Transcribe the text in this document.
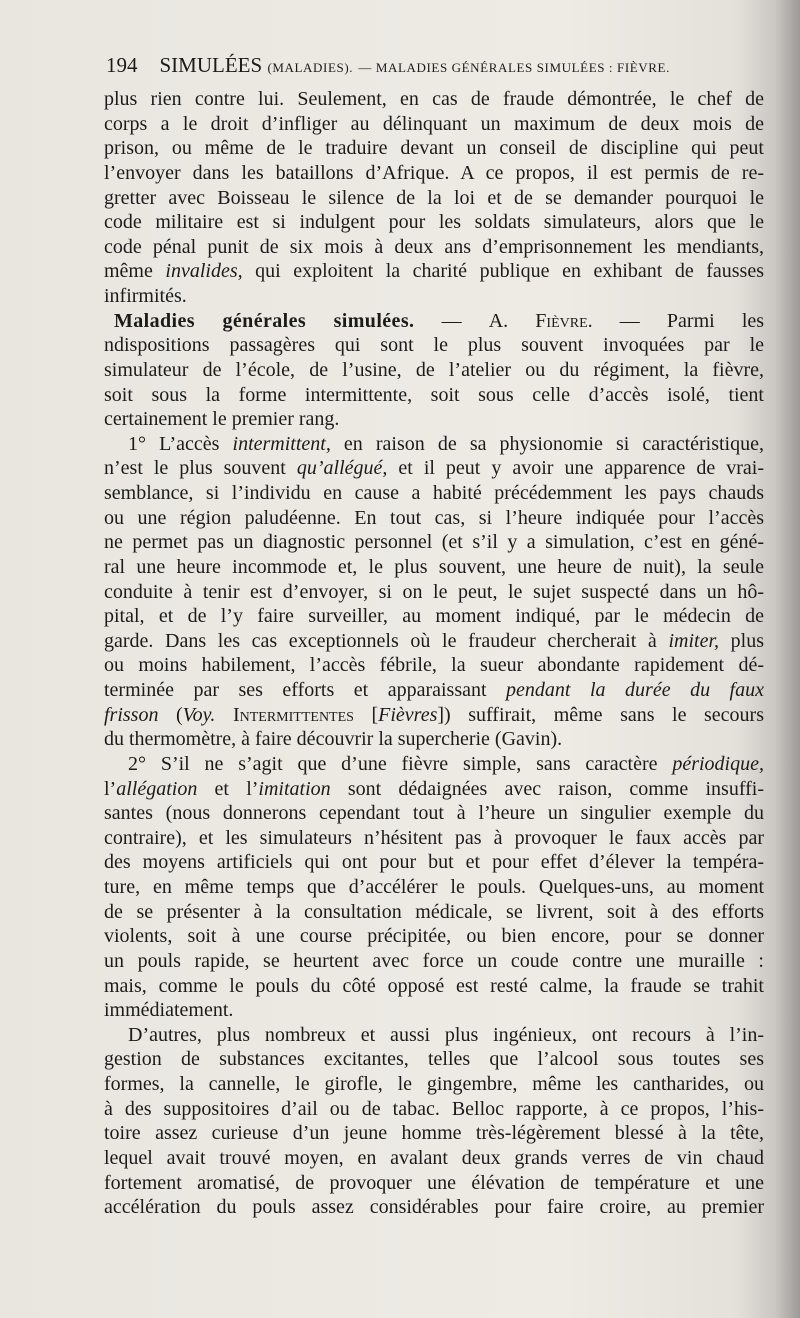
194 SIMULÉES (MALADIES). — MALADIES GÉNÉRALES SIMULÉES : FIÈVRE.
plus rien contre lui. Seulement, en cas de fraude démontrée, le chef de
corps a le droit d’infliger au délinquant un maximum de deux mois de
prison, ou même de le traduire devant un conseil de discipline qui peut
l’envoyer dans les bataillons d’Afrique. A ce propos, il est permis de re-
gretter avec Boisseau le silence de la loi et de se demander pourquoi le
code militaire est si indulgent pour les soldats simulateurs, alors que le
code pénal punit de six mois à deux ans d’emprisonnement les mendiants,
même invalides, qui exploitent la charité publique en exhibant de fausses
infirmités.
Maladies générales simulées. — A. Fièvre. — Parmi les
ndispositions passagères qui sont le plus souvent invoquées par le
simulateur de l’école, de l’usine, de l’atelier ou du régiment, la fièvre,
soit sous la forme intermittente, soit sous celle d’accès isolé, tient
certainement le premier rang.
1° L’accès intermittent, en raison de sa physionomie si caractéristique,
n’est le plus souvent qu’allégué, et il peut y avoir une apparence de vrai-
semblance, si l’individu en cause a habité précédemment les pays chauds
ou une région paludéenne. En tout cas, si l’heure indiquée pour l’accès
ne permet pas un diagnostic personnel (et s’il y a simulation, c’est en géné-
ral une heure incommode et, le plus souvent, une heure de nuit), la seule
conduite à tenir est d’envoyer, si on le peut, le sujet suspecté dans un hô-
pital, et de l’y faire surveiller, au moment indiqué, par le médecin de
garde. Dans les cas exceptionnels où le fraudeur chercherait à imiter, plus
ou moins habilement, l’accès fébrile, la sueur abondante rapidement dé-
terminée par ses efforts et apparaissant pendant la durée du faux
frisson (Voy. Intermittentes [Fièvres]) suffirait, même sans le secours
du thermomètre, à faire découvrir la supercherie (Gavin).
2° S’il ne s’agit que d’une fièvre simple, sans caractère périodique,
l’allégation et l’imitation sont dédaignées avec raison, comme insuffi-
santes (nous donnerons cependant tout à l’heure un singulier exemple du
contraire), et les simulateurs n’hésitent pas à provoquer le faux accès par
des moyens artificiels qui ont pour but et pour effet d’élever la tempéra-
ture, en même temps que d’accélérer le pouls. Quelques-uns, au moment
de se présenter à la consultation médicale, se livrent, soit à des efforts
violents, soit à une course précipitée, ou bien encore, pour se donner
un pouls rapide, se heurtent avec force un coude contre une muraille :
mais, comme le pouls du côté opposé est resté calme, la fraude se trahit
immédiatement.
D’autres, plus nombreux et aussi plus ingénieux, ont recours à l’in-
gestion de substances excitantes, telles que l’alcool sous toutes ses
formes, la cannelle, le girofle, le gingembre, même les cantharides, ou
à des suppositoires d’ail ou de tabac. Belloc rapporte, à ce propos, l’his-
toire assez curieuse d’un jeune homme très-légèrement blessé à la tête,
lequel avait trouvé moyen, en avalant deux grands verres de vin chaud
fortement aromatisé, de provoquer une élévation de température et une
accélération du pouls assez considérables pour faire croire, au premier
